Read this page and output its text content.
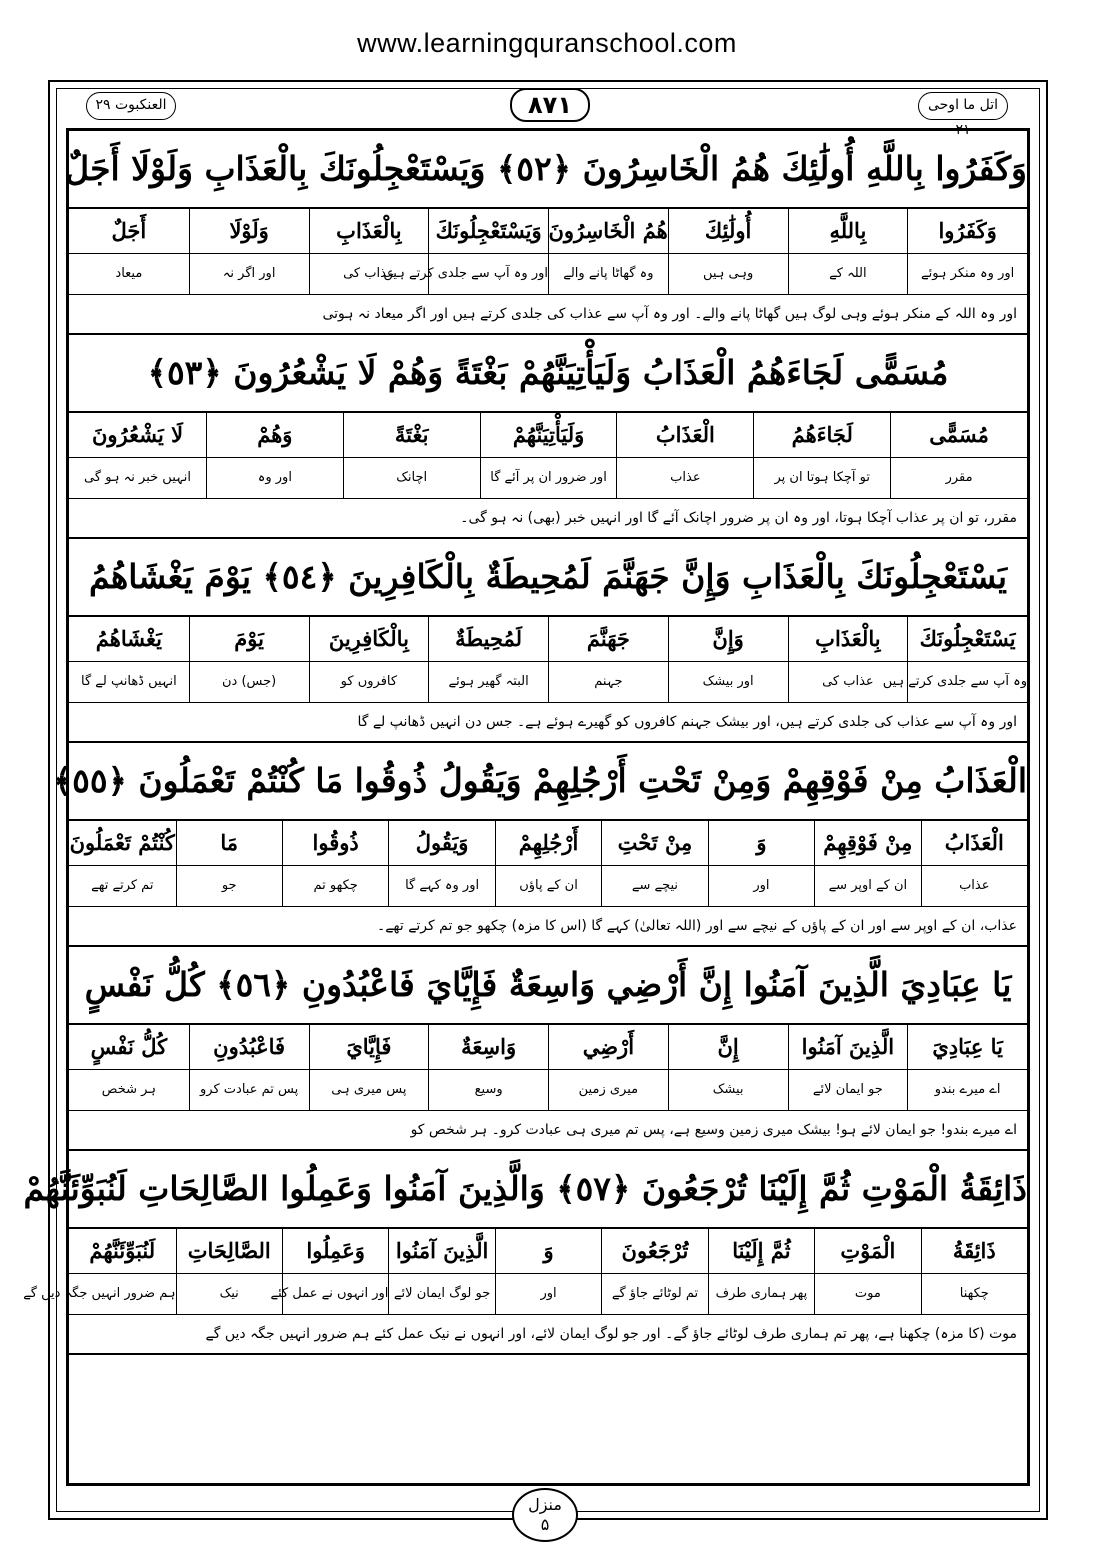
www.learningquranschool.com
العنکبوت ۲۹	۸۷۱	اتل ما اوحی ۲۱
وَكَفَرُوا بِاللَّهِ أُولَٰئِكَ هُمُ الْخَاسِرُونَ ﴿٥٢﴾ وَيَسْتَعْجِلُونَكَ بِالْعَذَابِ وَلَوْلَا أَجَلٌ
وَكَفَرُوا
بِاللَّهِ
أُولَٰئِكَ
هُمُ الْخَاسِرُونَ
وَيَسْتَعْجِلُونَكَ
بِالْعَذَابِ
وَلَوْلَا
أَجَلٌ
اور وہ منکر ہوئے
اللہ کے
وہی ہیں
وہ گھاٹا پانے والے
اور وہ آپ سے جلدی کرتے ہیں
عذاب کی
اور اگر نہ
میعاد
اور وہ اللہ کے منکر ہوئے وہی لوگ ہیں گھاٹا پانے والے۔ اور وہ آپ سے عذاب کی جلدی کرتے ہیں اور اگر میعاد نہ ہوتی
مُسَمًّى لَجَاءَهُمُ الْعَذَابُ وَلَيَأْتِيَنَّهُمْ بَغْتَةً وَهُمْ لَا يَشْعُرُونَ ﴿٥٣﴾
مُسَمًّى
لَجَاءَهُمُ
الْعَذَابُ
وَلَيَأْتِيَنَّهُمْ
بَغْتَةً
وَهُمْ
لَا يَشْعُرُونَ
مقرر
تو آچکا ہوتا ان پر
عذاب
اور ضرور ان پر آئے گا
اچانک
اور وہ
انہیں خبر نہ ہو گی
مقرر، تو ان پر عذاب آچکا ہوتا، اور وہ ان پر ضرور اچانک آئے گا اور انہیں خبر (بھی) نہ ہو گی۔
يَسْتَعْجِلُونَكَ بِالْعَذَابِ وَإِنَّ جَهَنَّمَ لَمُحِيطَةٌ بِالْكَافِرِينَ ﴿٥٤﴾ يَوْمَ يَغْشَاهُمُ
يَسْتَعْجِلُونَكَ
بِالْعَذَابِ
وَإِنَّ
جَهَنَّمَ
لَمُحِيطَةٌ
بِالْكَافِرِينَ
يَوْمَ
يَغْشَاهُمُ
وہ آپ سے جلدی کرتے ہیں
عذاب کی
اور بیشک
جہنم
البتہ گھیر ہوئے
کافروں کو
(جس) دن
انہیں ڈھانپ لے گا
اور وہ آپ سے عذاب کی جلدی کرتے ہیں، اور بیشک جہنم کافروں کو گھیرے ہوئے ہے۔ جس دن انہیں ڈھانپ لے گا
الْعَذَابُ مِنْ فَوْقِهِمْ وَمِنْ تَحْتِ أَرْجُلِهِمْ وَيَقُولُ ذُوقُوا مَا كُنْتُمْ تَعْمَلُونَ ﴿٥٥﴾
الْعَذَابُ
مِنْ فَوْقِهِمْ
وَ
مِنْ تَحْتِ
أَرْجُلِهِمْ
وَيَقُولُ
ذُوقُوا
مَا
كُنْتُمْ تَعْمَلُونَ
عذاب
ان کے اوپر سے
اور
نیچے سے
ان کے پاؤں
اور وہ کہے گا
چکھو تم
جو
تم کرتے تھے
عذاب، ان کے اوپر سے اور ان کے پاؤں کے نیچے سے اور (اللہ تعالیٰ) کہے گا (اس کا مزہ) چکھو جو تم کرتے تھے۔
يَا عِبَادِيَ الَّذِينَ آمَنُوا إِنَّ أَرْضِي وَاسِعَةٌ فَإِيَّايَ فَاعْبُدُونِ ﴿٥٦﴾ كُلُّ نَفْسٍ
يَا عِبَادِيَ
الَّذِينَ آمَنُوا
إِنَّ
أَرْضِي
وَاسِعَةٌ
فَإِيَّايَ
فَاعْبُدُونِ
كُلُّ نَفْسٍ
اے میرے بندو
جو ایمان لائے
بیشک
میری زمین
وسیع
پس میری ہی
پس تم عبادت کرو
ہر شخص
اے میرے بندو! جو ایمان لائے ہو! بیشک میری زمین وسیع ہے، پس تم میری ہی عبادت کرو۔ ہر شخص کو
ذَائِقَةُ الْمَوْتِ ثُمَّ إِلَيْنَا تُرْجَعُونَ ﴿٥٧﴾ وَالَّذِينَ آمَنُوا وَعَمِلُوا الصَّالِحَاتِ لَنُبَوِّئَنَّهُمْ
ذَائِقَةُ
الْمَوْتِ
ثُمَّ إِلَيْنَا
تُرْجَعُونَ
وَ
الَّذِينَ آمَنُوا
وَعَمِلُوا
الصَّالِحَاتِ
لَنُبَوِّئَنَّهُمْ
چکھنا
موت
پھر ہماری طرف
تم لوٹائے جاؤ گے
اور
جو لوگ ایمان لائے
اور انہوں نے عمل کئے
نیک
ہم ضرور انہیں جگہ دیں گے
موت (کا مزہ) چکھنا ہے، پھر تم ہماری طرف لوٹائے جاؤ گے۔ اور جو لوگ ایمان لائے، اور انہوں نے نیک عمل کئے ہم ضرور انہیں جگہ دیں گے
منزل
۵
